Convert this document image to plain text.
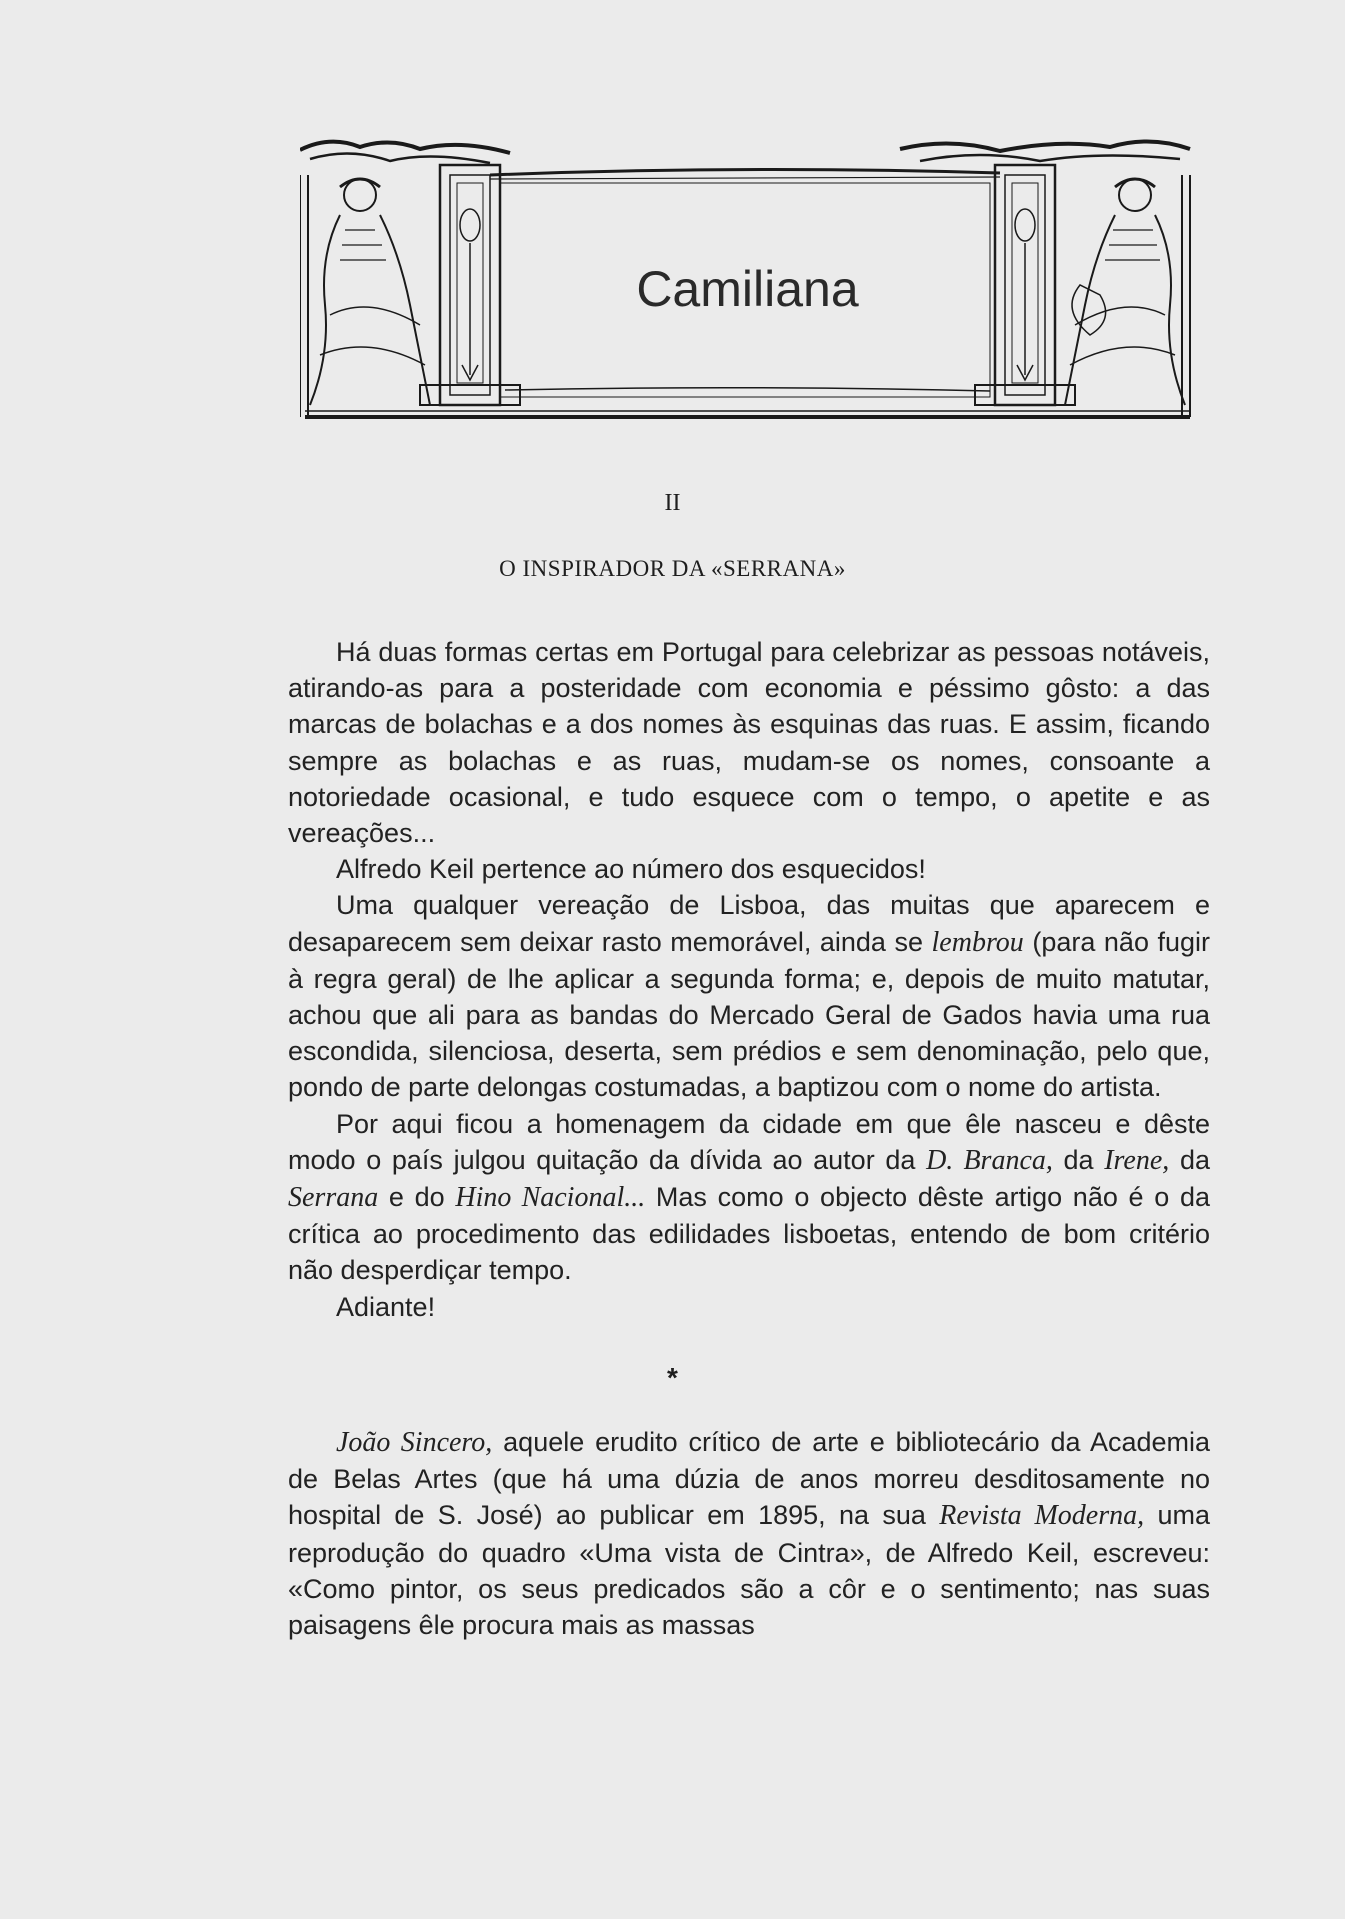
Camiliana
II
O INSPIRADOR DA «SERRANA»

Há duas formas certas em Portugal para celebrizar as pessoas notáveis, atirando-as para a posteridade com economia e péssimo gôsto: a das marcas de bolachas e a dos nomes às esquinas das ruas. E assim, ficando sempre as bolachas e as ruas, mudam-se os nomes, consoante a notoriedade ocasional, e tudo esquece com o tempo, o apetite e as vereações...

Alfredo Keil pertence ao número dos esquecidos!

Uma qualquer vereação de Lisboa, das muitas que aparecem e desaparecem sem deixar rasto memorável, ainda se lembrou (para não fugir à regra geral) de lhe aplicar a segunda forma; e, depois de muito matutar, achou que ali para as bandas do Mercado Geral de Gados havia uma rua escondida, silenciosa, deserta, sem prédios e sem denominação, pelo que, pondo de parte delongas costumadas, a baptizou com o nome do artista.

Por aqui ficou a homenagem da cidade em que êle nasceu e dêste modo o país julgou quitação da dívida ao autor da D. Branca, da Irene, da Serrana e do Hino Nacional... Mas como o objecto dêste artigo não é o da crítica ao procedimento das edilidades lisboetas, entendo de bom critério não desperdiçar tempo.

Adiante!

*

João Sincero, aquele erudito crítico de arte e bibliotecário da Academia de Belas Artes (que há uma dúzia de anos morreu desditosamente no hospital de S. José) ao publicar em 1895, na sua Revista Moderna, uma reprodução do quadro «Uma vista de Cintra», de Alfredo Keil, escreveu: «Como pintor, os seus predicados são a côr e o sentimento; nas suas paisagens êle procura mais as massas
